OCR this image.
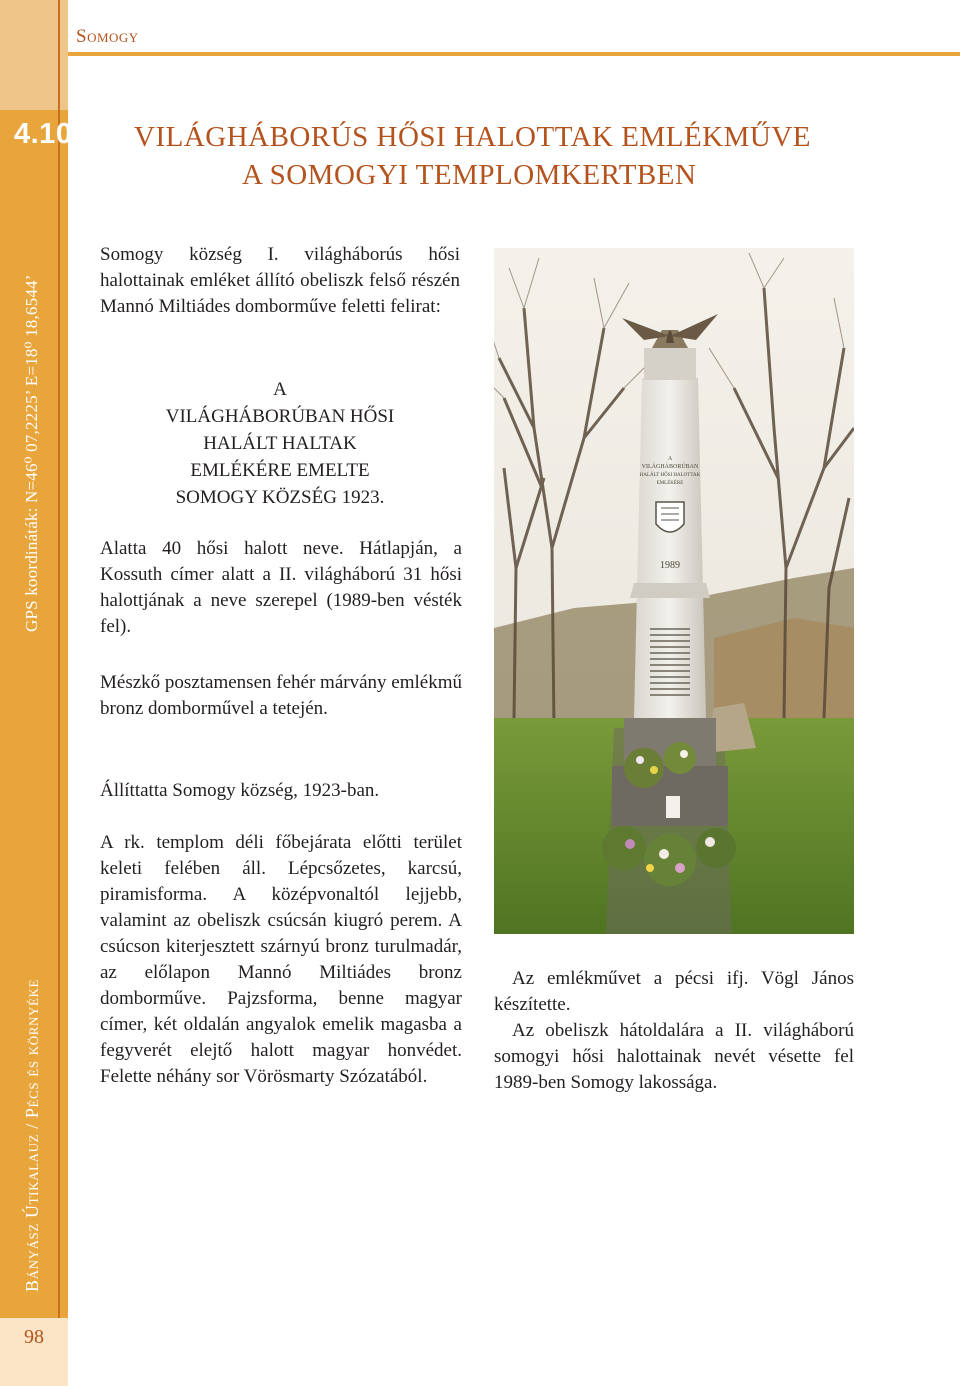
GPS koordináták: N=46⁰ 07,2225’ E=18⁰ 18,6544’
Bányász Útikalauz / Pécs és környéke
98
Somogy
4.10. VILÁGHÁBORÚS HŐSI HALOTTAK EMLÉKMŰVE
A SOMOGYI TEMPLOMKERTBEN

Somogy község I. világháborús hősi halottainak emléket állító obeliszk felső részén Mannó Miltiádes domborműve feletti felirat:

A
VILÁGHÁBORÚBAN HŐSI
HALÁLT HALTAK
EMLÉKÉRE EMELTE
SOMOGY KÖZSÉG 1923.

Alatta 40 hősi halott neve. Hátlapján, a Kossuth címer alatt a II. világháború 31 hősi halottjának a neve szerepel (1989-ben vésték fel).

Mészkő posztamensen fehér márvány emlékmű bronz domborművel a tetején.

Állíttatta Somogy község, 1923-ban.

A rk. templom déli főbejárata előtti terület keleti felében áll. Lépcsőzetes, karcsú, piramisforma. A középvonaltól lejjebb, valamint az obeliszk csúcsán kiugró perem. A csúcson kiterjesztett szárnyú bronz turulmadár, az előlapon Mannó Miltiádes bronz domborműve. Pajzsforma, benne magyar címer, két oldalán angyalok emelik magasba a fegyverét elejtő halott magyar honvédet. Felette néhány sor Vörösmarty Szózatából.

A
VILÁGHÁBORÚBAN
HALÁLT HŐSI HALOTTAK
EMLÉKÉRE
1989

Az emlékművet a pécsi ifj. Vögl János készítette.

Az obeliszk hátoldalára a II. világháború somogyi hősi halottainak nevét vésette fel 1989-ben Somogy lakossága.
